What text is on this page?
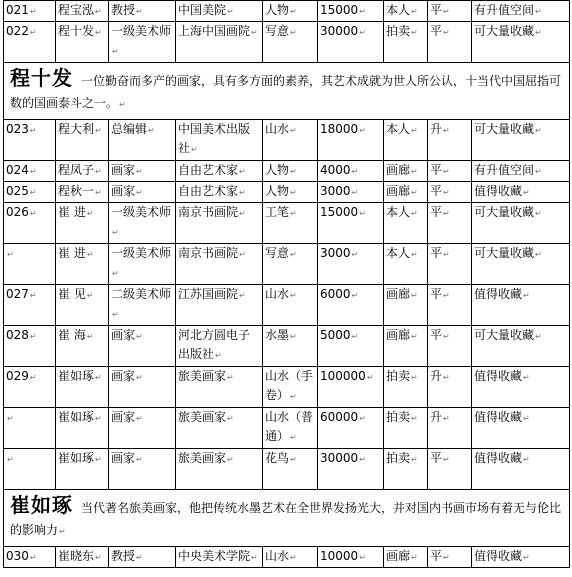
021↵	程宝泓↵	教授↵	中国美院↵	人物↵	15000↵	本人↵	平↵	有升值空间↵
022↵	程十发↵	一级美术师↵	上海中国画院↵	写意↵	30000↵	拍卖↵	平↵	可大量收藏↵
程十发 一位勤奋而多产的画家，具有多方面的素养，其艺术成就为世人所公认，十当代中国屈指可数的国画泰斗之一。↵								
023↵	程大利↵	总编辑↵	中国美术出版社↵	山水↵	18000↵	本人↵	升↵	可大量收藏↵
024↵	程凤子↵	画家↵	自由艺术家↵	人物↵	4000↵	画廊↵	平↵	有升值空间↵
025↵	程秋一↵	画家↵	自由艺术家↵	人物↵	3000↵	画廊↵	平↵	值得收藏↵
026↵	崔 进↵	一级美术师↵	南京书画院↵	工笔↵	15000↵	本人↵	平↵	可大量收藏↵
↵	崔 进↵	一级美术师↵	南京书画院↵	写意↵	3000↵	本人↵	平↵	可大量收藏↵
027↵	崔 见↵	二级美术师↵	江苏国画院↵	山水↵	6000↵	画廊↵	平↵	值得收藏↵
028↵	崔 海↵	画家↵	河北方圆电子出版社↵	水墨↵	5000↵	画廊↵	平↵	可大量收藏↵
029↵	崔如琢↵	画家↵	旅美画家↵	山水（手卷）↵	100000↵	拍卖↵	升↵	值得收藏↵
↵	崔如琢↵	画家↵	旅美画家↵	山水（普通）↵	60000↵	拍卖↵	升↵	值得收藏↵
↵	崔如琢↵	画家↵	旅美画家↵	花鸟↵	30000↵	拍卖↵	平↵	值得收藏↵
崔如琢 当代著名旅美画家，他把传统水墨艺术在全世界发扬光大，并对国内书画市场有着无与伦比的影响力↵								
030↵	崔晓东↵	教授↵	中央美术学院↵	山水↵	10000↵	画廊↵	平↵	值得收藏↵
